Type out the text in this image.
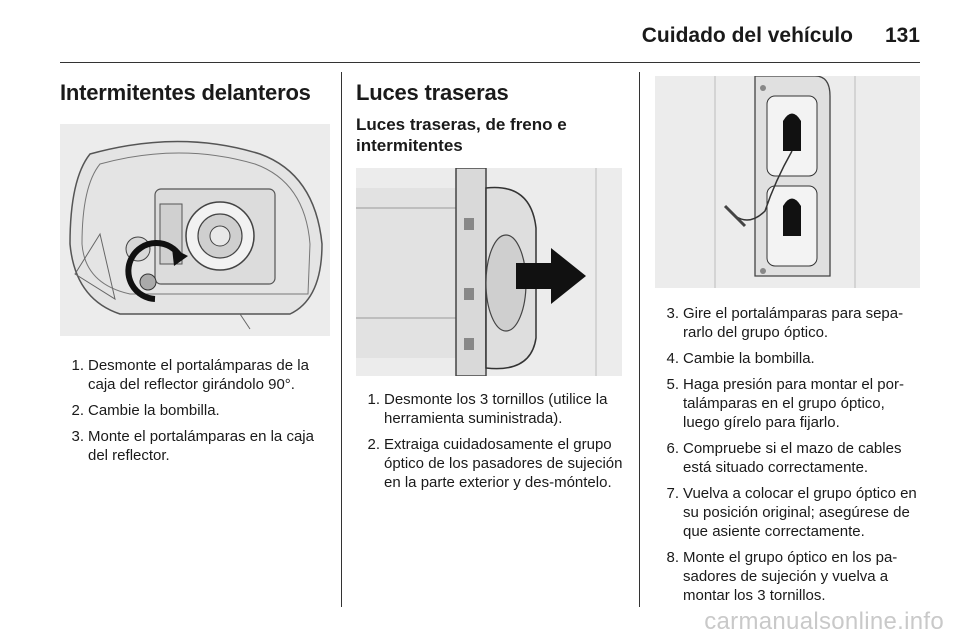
Cuidado del vehículo 131
Intermitentes delanteros
1. Desmonte el portalámparas de la caja del reflector girándolo 90°.
2. Cambie la bombilla.
3. Monte el portalámparas en la caja del reflector.
Luces traseras
Luces traseras, de freno e intermitentes
1. Desmonte los 3 tornillos (utilice la herramienta suministrada).
2. Extraiga cuidadosamente el grupo óptico de los pasadores de sujeción en la parte exterior y des-móntelo.
3. Gire el portalámparas para sepa-rarlo del grupo óptico.
4. Cambie la bombilla.
5. Haga presión para montar el por-talámparas en el grupo óptico, luego gírelo para fijarlo.
6. Compruebe si el mazo de cables está situado correctamente.
7. Vuelva a colocar el grupo óptico en su posición original; asegúrese de que asiente correctamente.
8. Monte el grupo óptico en los pa-sadores de sujeción y vuelva a montar los 3 tornillos.
carmanualsonline.info
